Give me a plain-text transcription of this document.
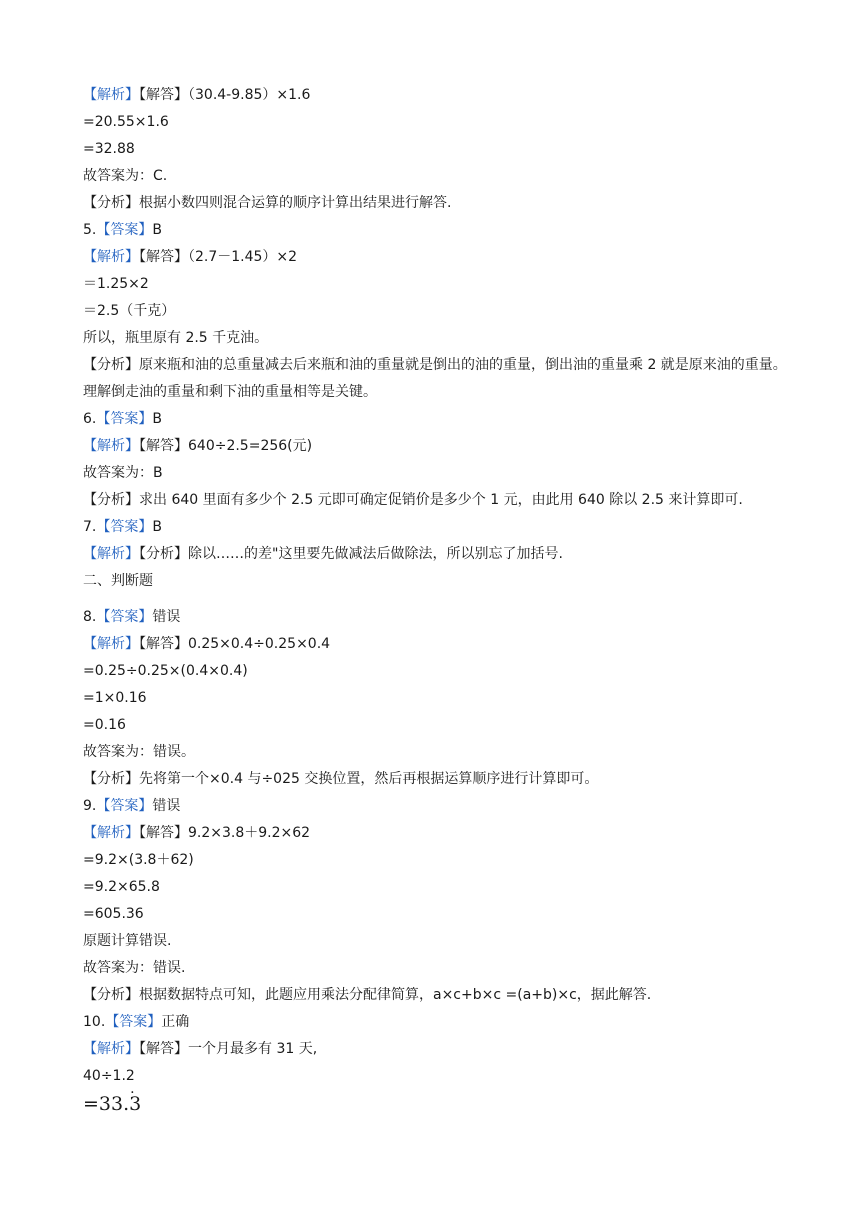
【解析】【解答】（30.4-9.85）×1.6
=20.55×1.6
=32.88
故答案为：C.
【分析】根据小数四则混合运算的顺序计算出结果进行解答.
5.【答案】B
【解析】【解答】（2.7－1.45）×2
＝1.25×2
＝2.5（千克）
所以，瓶里原有 2.5 千克油。
【分析】原来瓶和油的总重量减去后来瓶和油的重量就是倒出的油的重量，倒出油的重量乘 2 就是原来油的重量。理解倒走油的重量和剩下油的重量相等是关键。
6.【答案】B
【解析】【解答】640÷2.5=256(元)
故答案为：B
【分析】求出 640 里面有多少个 2.5 元即可确定促销价是多少个 1 元，由此用 640 除以 2.5 来计算即可.
7.【答案】B
【解析】【分析】除以……的差"这里要先做减法后做除法，所以别忘了加括号.
二、判断题
8.【答案】错误
【解析】【解答】0.25×0.4÷0.25×0.4
=0.25÷0.25×(0.4×0.4)
=1×0.16
=0.16
故答案为：错误。
【分析】先将第一个×0.4 与÷025 交换位置，然后再根据运算顺序进行计算即可。
9.【答案】错误
【解析】【解答】9.2×3.8＋9.2×62
=9.2×(3.8＋62)
=9.2×65.8
=605.36
原题计算错误.
故答案为：错误.
【分析】根据数据特点可知，此题应用乘法分配律简算，a×c+b×c =(a+b)×c，据此解答.
10.【答案】正确
【解析】【解答】一个月最多有 31 天,
40÷1.2
=33.3 ·
